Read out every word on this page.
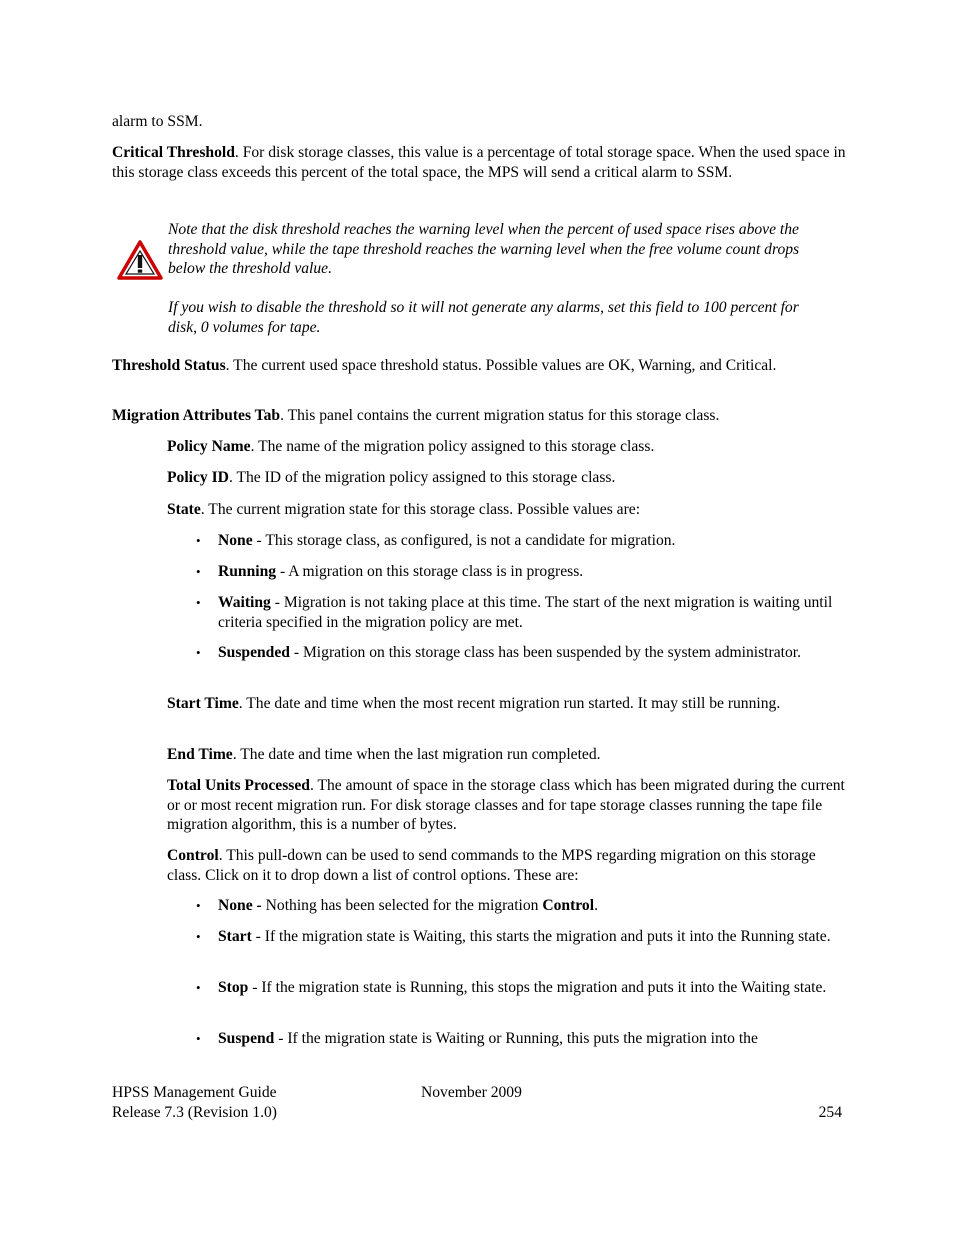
alarm to SSM.

Critical Threshold. For disk storage classes, this value is a percentage of total storage space. When the used space in this storage class exceeds this percent of the total space, the MPS will send a critical alarm to SSM.

Note that the disk threshold reaches the warning level when the percent of used space rises above the threshold value, while the tape threshold reaches the warning level when the free volume count drops below the threshold value.

If you wish to disable the threshold so it will not generate any alarms, set this field to 100 percent for disk, 0 volumes for tape.

Threshold Status. The current used space threshold status. Possible values are OK, Warning, and Critical.

Migration Attributes Tab. This panel contains the current migration status for this storage class.

Policy Name. The name of the migration policy assigned to this storage class.

Policy ID. The ID of the migration policy assigned to this storage class.

State. The current migration state for this storage class. Possible values are:

•	None - This storage class, as configured, is not a candidate for migration.

•	Running - A migration on this storage class is in progress.

•	Waiting - Migration is not taking place at this time. The start of the next migration is waiting until criteria specified in the migration policy are met.

•	Suspended - Migration on this storage class has been suspended by the system administrator.

Start Time. The date and time when the most recent migration run started. It may still be running.

End Time. The date and time when the last migration run completed.

Total Units Processed. The amount of space in the storage class which has been migrated during the current or or most recent migration run. For disk storage classes and for tape storage classes running the tape file migration algorithm, this is a number of bytes.

Control. This pull-down can be used to send commands to the MPS regarding migration on this storage class. Click on it to drop down a list of control options. These are:

•	None - Nothing has been selected for the migration Control.

•	Start - If the migration state is Waiting, this starts the migration and puts it into the Running state.

•	Stop - If the migration state is Running, this stops the migration and puts it into the Waiting state.

•	Suspend - If the migration state is Waiting or Running, this puts the migration into the

HPSS Management Guide
Release 7.3 (Revision 1.0)
November 2009
254
